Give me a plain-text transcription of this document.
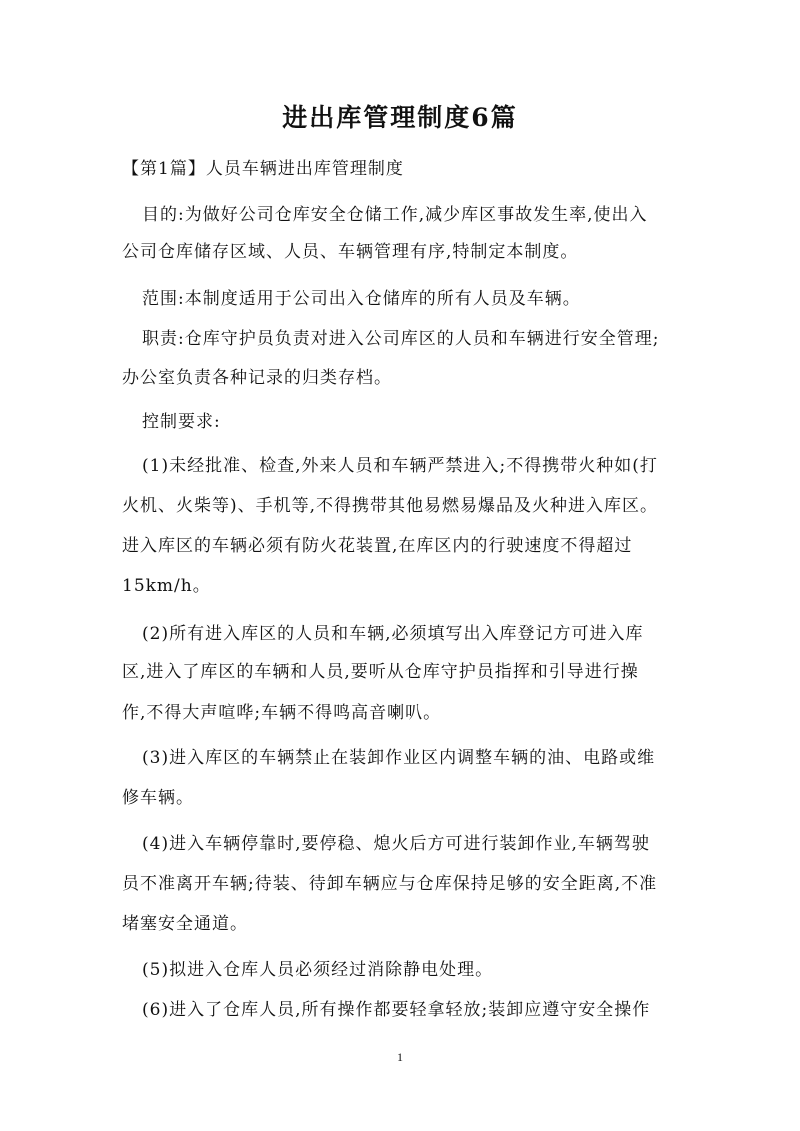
进出库管理制度6篇

【第1篇】人员车辆进出库管理制度

目的:为做好公司仓库安全仓储工作,减少库区事故发生率,使出入

公司仓库储存区域、人员、车辆管理有序,特制定本制度。

范围:本制度适用于公司出入仓储库的所有人员及车辆。

职责:仓库守护员负责对进入公司库区的人员和车辆进行安全管理;

办公室负责各种记录的归类存档。

控制要求:

(1)未经批准、检查,外来人员和车辆严禁进入;不得携带火种如(打

火机、火柴等)、手机等,不得携带其他易燃易爆品及火种进入库区。

进入库区的车辆必须有防火花装置,在库区内的行驶速度不得超过

15km/h。

(2)所有进入库区的人员和车辆,必须填写出入库登记方可进入库

区,进入了库区的车辆和人员,要听从仓库守护员指挥和引导进行操

作,不得大声喧哗;车辆不得鸣高音喇叭。

(3)进入库区的车辆禁止在装卸作业区内调整车辆的油、电路或维

修车辆。

(4)进入车辆停靠时,要停稳、熄火后方可进行装卸作业,车辆驾驶

员不准离开车辆;待装、待卸车辆应与仓库保持足够的安全距离,不准

堵塞安全通道。

(5)拟进入仓库人员必须经过消除静电处理。

(6)进入了仓库人员,所有操作都要轻拿轻放;装卸应遵守安全操作

1
